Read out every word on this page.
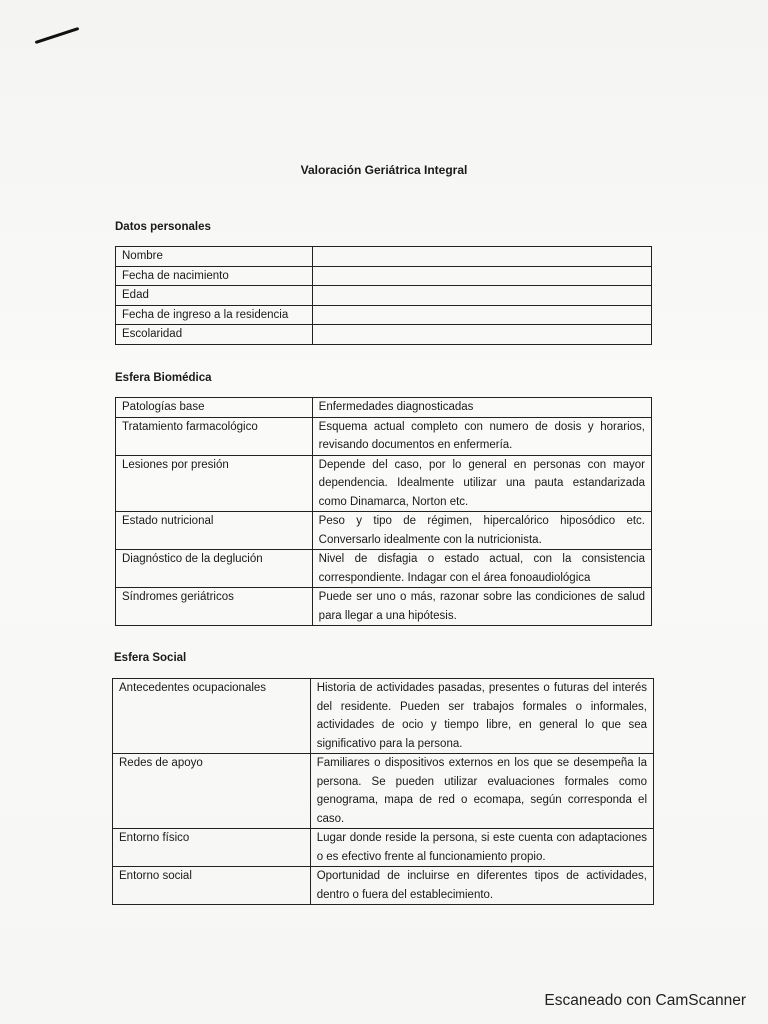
Valoración Geriátrica Integral
Datos personales
Nombre	
Fecha de nacimiento	
Edad	
Fecha de ingreso a la residencia	
Escolaridad	
Esfera Biomédica
Patologías base	Enfermedades diagnosticadas
Tratamiento farmacológico	Esquema actual completo con numero de dosis y horarios, revisando documentos en enfermería.
Lesiones por presión	Depende del caso, por lo general en personas con mayor dependencia. Idealmente utilizar una pauta estandarizada como Dinamarca, Norton etc.
Estado nutricional	Peso y tipo de régimen, hipercalórico hiposódico etc. Conversarlo idealmente con la nutricionista.
Diagnóstico de la deglución	Nivel de disfagia o estado actual, con la consistencia correspondiente. Indagar con el área fonoaudiológica
Síndromes geriátricos	Puede ser uno o más, razonar sobre las condiciones de salud para llegar a una hipótesis.
Esfera Social
Antecedentes ocupacionales	Historia de actividades pasadas, presentes o futuras del interés del residente. Pueden ser trabajos formales o informales, actividades de ocio y tiempo libre, en general lo que sea significativo para la persona.
Redes de apoyo	Familiares o dispositivos externos en los que se desempeña la persona. Se pueden utilizar evaluaciones formales como genograma, mapa de red o ecomapa, según corresponda el caso.
Entorno físico	Lugar donde reside la persona, si este cuenta con adaptaciones o es efectivo frente al funcionamiento propio.
Entorno social	Oportunidad de incluirse en diferentes tipos de actividades, dentro o fuera del establecimiento.
Escaneado con CamScanner
